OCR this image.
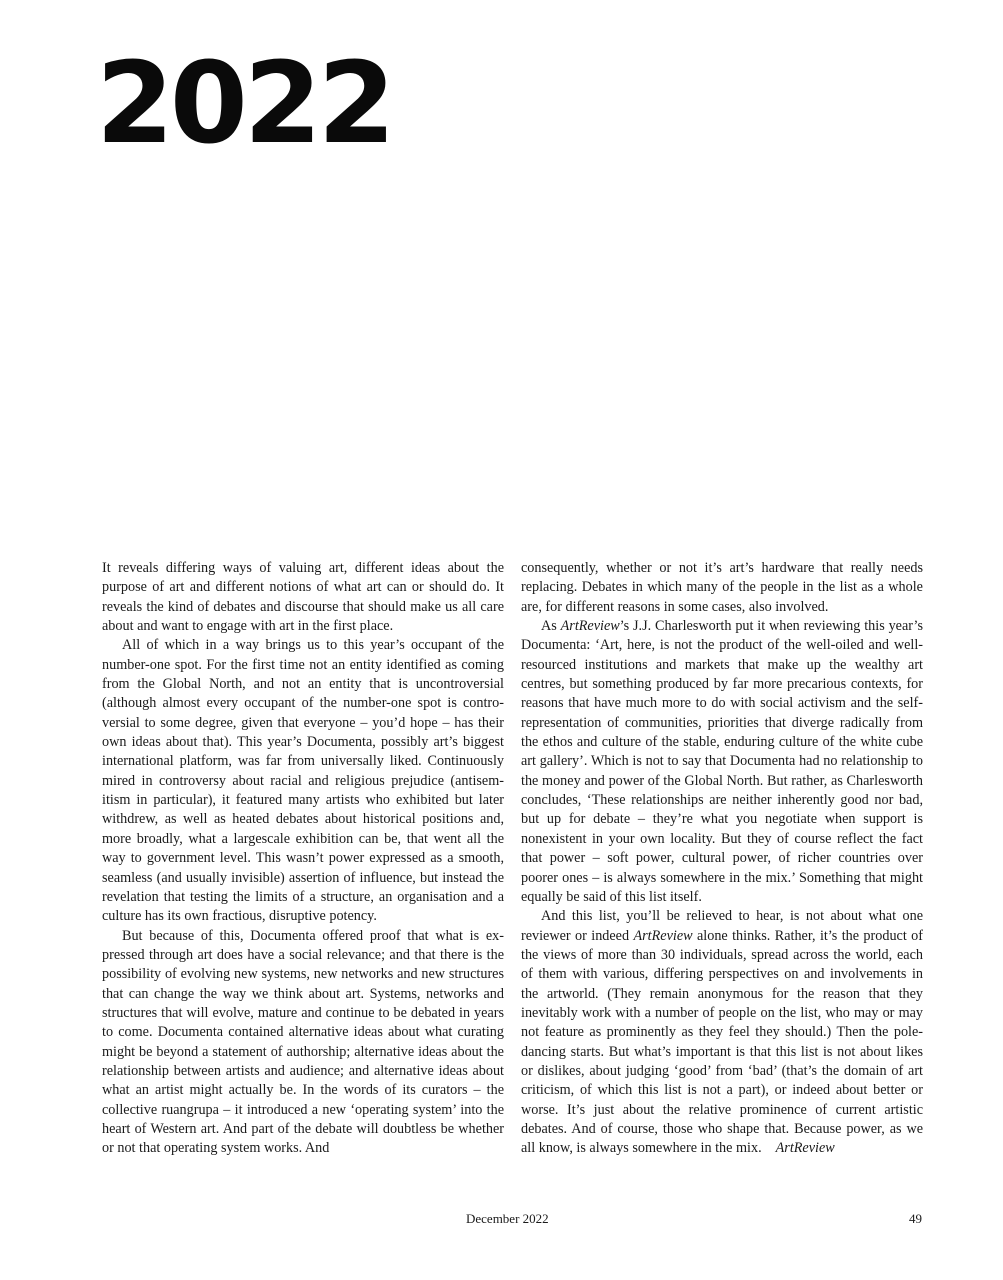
2022

It reveals differing ways of valuing art, different ideas about the purpose of art and different notions of what art can or should do. It reveals the kind of debates and discourse that should make us all care about and want to engage with art in the first place.

All of which in a way brings us to this year’s occupant of the number-one spot. For the first time not an entity identified as coming from the Global North, and not an entity that is uncontroversial (although almost every occupant of the number-one spot is controversial to some degree, given that everyone – you’d hope – has their own ideas about that). This year’s Documenta, possibly art’s biggest international platform, was far from universally liked. Continuously mired in controversy about racial and religious prejudice (antisemitism in particular), it featured many artists who exhibited but later withdrew, as well as heated debates about historical positions and, more broadly, what a largescale exhibition can be, that went all the way to government level. This wasn’t power expressed as a smooth, seamless (and usually invisible) assertion of influence, but instead the revelation that testing the limits of a structure, an organisation and a culture has its own fractious, disruptive potency.

But because of this, Documenta offered proof that what is expressed through art does have a social relevance; and that there is the possibility of evolving new systems, new networks and new structures that can change the way we think about art. Systems, networks and structures that will evolve, mature and continue to be debated in years to come. Documenta contained alternative ideas about what curating might be beyond a statement of authorship; alternative ideas about the relationship between artists and audience; and alternative ideas about what an artist might actually be. In the words of its curators – the collective ruangrupa – it introduced a new ‘operating system’ into the heart of Western art. And part of the debate will doubtless be whether or not that operating system works. And

consequently, whether or not it’s art’s hardware that really needs replacing. Debates in which many of the people in the list as a whole are, for different reasons in some cases, also involved.

As ArtReview’s J.J. Charlesworth put it when reviewing this year’s Documenta: ‘Art, here, is not the product of the well-oiled and well-resourced institutions and markets that make up the wealthy art centres, but something produced by far more precarious contexts, for reasons that have much more to do with social activism and the self-representation of communities, priorities that diverge radically from the ethos and culture of the stable, enduring culture of the white cube art gallery’. Which is not to say that Documenta had no relationship to the money and power of the Global North. But rather, as Charlesworth concludes, ‘These relationships are neither inherently good nor bad, but up for debate – they’re what you negotiate when support is nonexistent in your own locality. But they of course reflect the fact that power – soft power, cultural power, of richer countries over poorer ones – is always somewhere in the mix.’ Something that might equally be said of this list itself.

And this list, you’ll be relieved to hear, is not about what one reviewer or indeed ArtReview alone thinks. Rather, it’s the product of the views of more than 30 individuals, spread across the world, each of them with various, differing perspectives on and involvements in the artworld. (They remain anonymous for the reason that they inevitably work with a number of people on the list, who may or may not feature as prominently as they feel they should.) Then the pole-dancing starts. But what’s important is that this list is not about likes or dislikes, about judging ‘good’ from ‘bad’ (that’s the domain of art criticism, of which this list is not a part), or indeed about better or worse. It’s just about the relative prominence of current artistic debates. And of course, those who shape that. Because power, as we all know, is always somewhere in the mix. ArtReview

December 2022	49
